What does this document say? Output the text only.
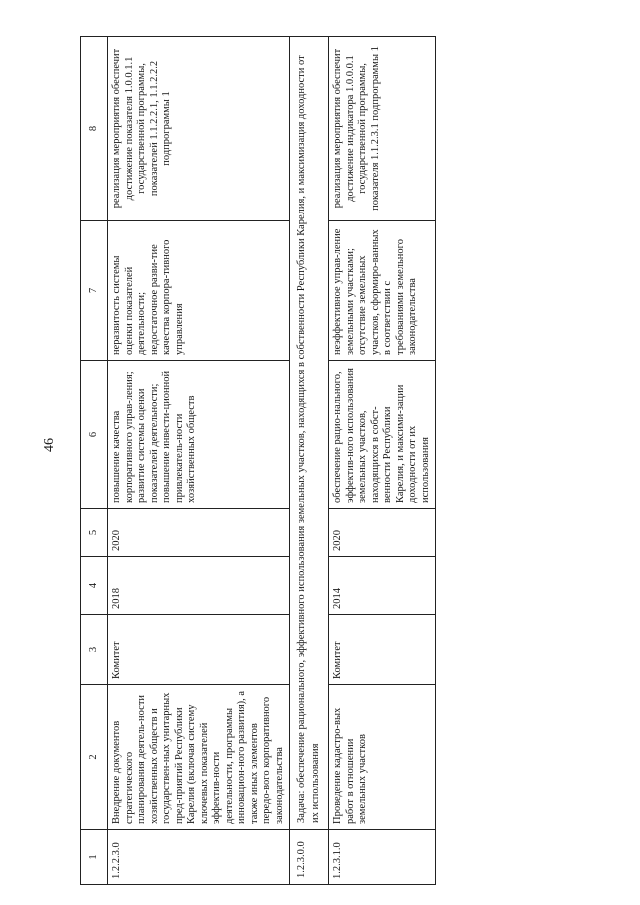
46
1	2	3	4	5	6	7	8
1.2.2.3.0	Внедрение документов стратегического планирования деятель-ности хозяйственных обществ и государствен-ных унитарных пред-приятий Республики Карелия (включая систему ключевых показателей эффектив-ности деятельности, программы инновацион-ного развития), а также иных элементов передо-вого корпоративного законодательства	Комитет	2018	2020	повышение качества корпоративного управ-ления; развитие системы оценки показателей деятельности; повышение инвести-ционной привлекатель-ности хозяйственных обществ	неразвитость системы оценки показателей деятельности; недостаточное разви-тие качества корпора-тивного управления	реализация мероприятия обеспечит достижение показателя 1.0.0.1.1 государственной программы, показателей 1.1.2.2.1, 1.1.2.2.2 подпрограммы 1
1.2.3.0.0	Задача: обеспечение рационального, эффективного использования земельных участков, находящихся в собственности Республики Карелия, и максимизация доходности от их использования						
1.2.3.1.0	Проведение кадастро-вых работ в отношении земельных участков	Комитет	2014	2020	обеспечение рацио-нального, эффектив-ного использования земельных участков, находящихся в собст-венности Республики Карелия, и максими-зации доходности от их использования	неэффективное управ-ление земельными участками; отсутствие земельных участков, сформиро-ванных в соответствии с требованиями земельного законодательства	реализация мероприятия обеспечит достижение индикатора 1.0.0.0.1 государственной программы, показателя 1.1.2.3.1 подпрограммы 1
